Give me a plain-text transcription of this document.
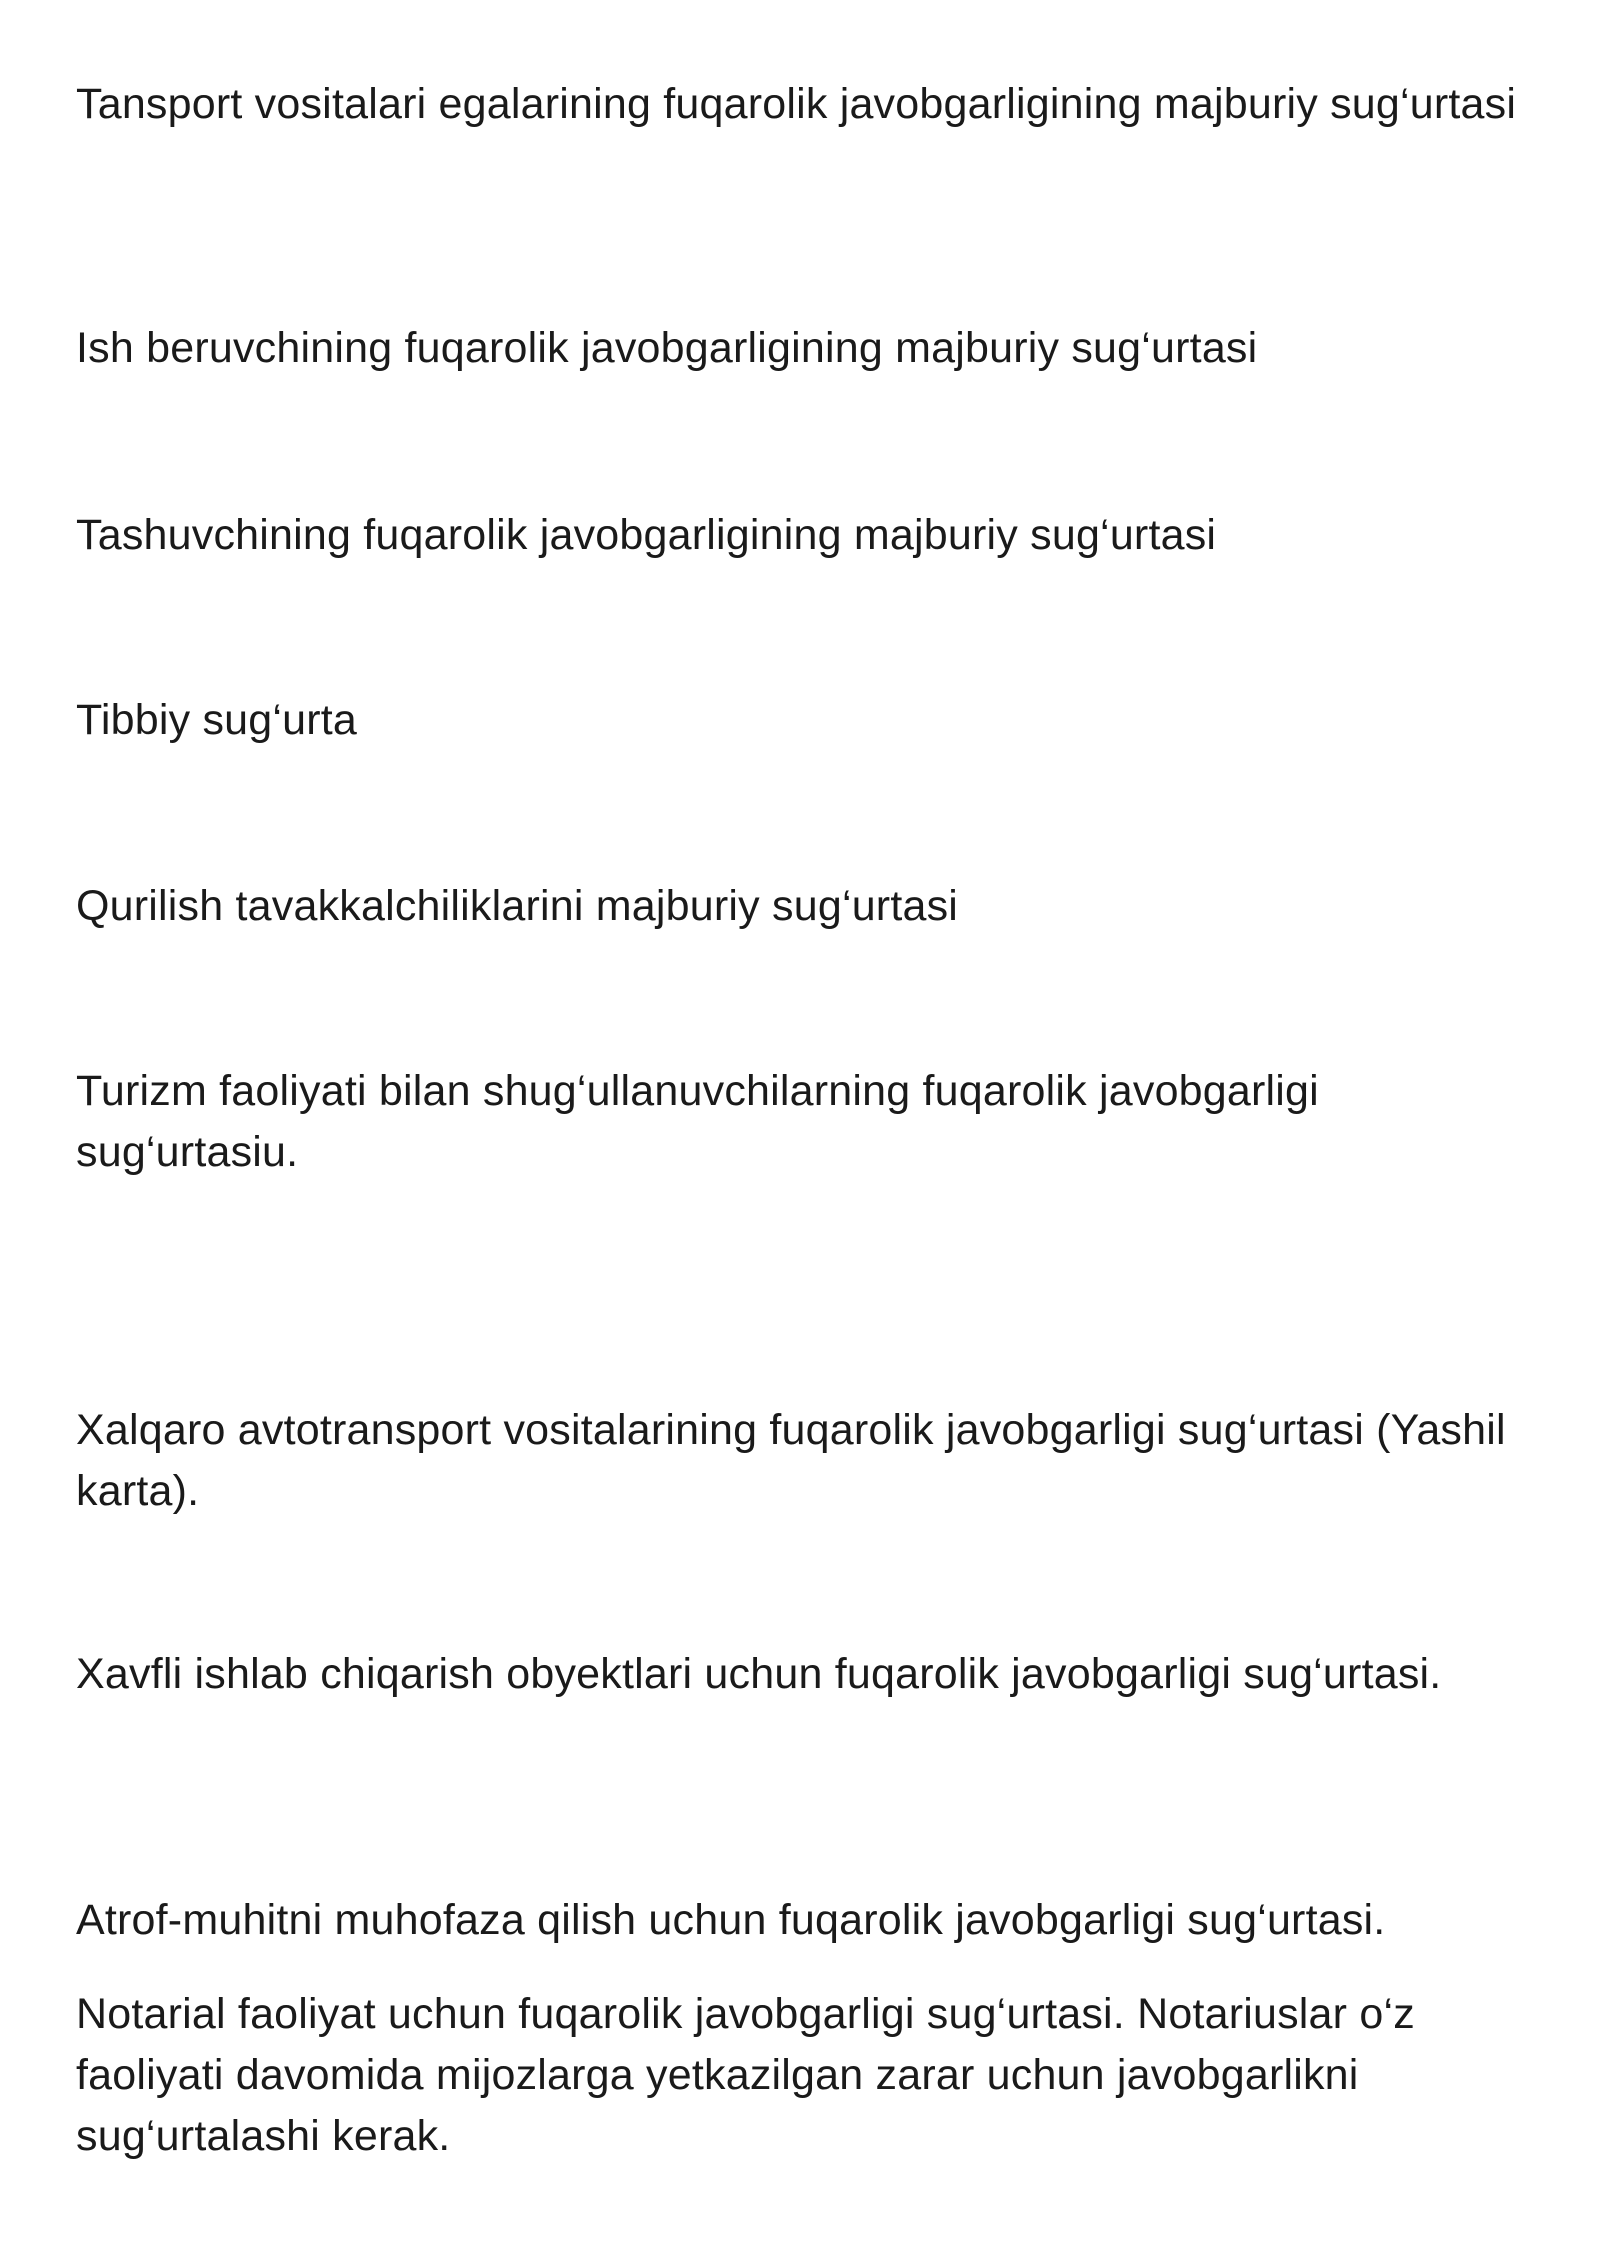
Tansport vositalari egalarining fuqarolik javobgarligining majburiy sug‘urtasi

Ish beruvchining fuqarolik javobgarligining majburiy sug‘urtasi

Tashuvchining fuqarolik javobgarligining majburiy sug‘urtasi

Tibbiy sug‘urta

Qurilish tavakkalchiliklarini majburiy sug‘urtasi

Turizm faoliyati bilan shug‘ullanuvchilarning fuqarolik javobgarligi sug‘urtasiu.

Xalqaro avtotransport vositalarining fuqarolik javobgarligi sug‘urtasi (Yashil karta).

Xavfli ishlab chiqarish obyektlari uchun fuqarolik javobgarligi sug‘urtasi.

Atrof-muhitni muhofaza qilish uchun fuqarolik javobgarligi sug‘urtasi.

Notarial faoliyat uchun fuqarolik javobgarligi sug‘urtasi. Notariuslar o‘z faoliyati davomida mijozlarga yetkazilgan zarar uchun javobgarlikni sug‘urtalashi kerak.
